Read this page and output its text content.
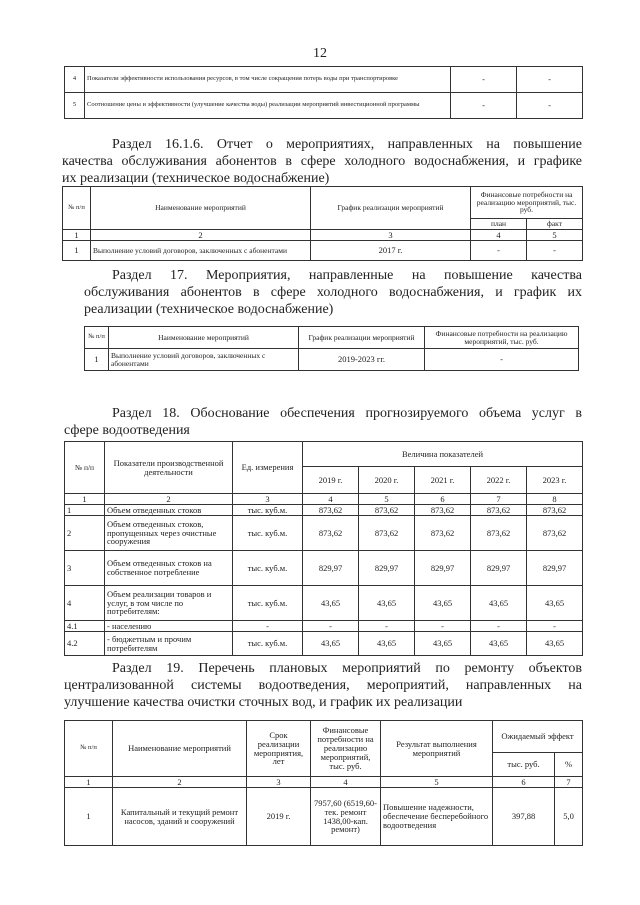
12
4	Показатели эффективности использования ресурсов, в том числе сокращения потерь воды при транспортировке	-	-
5	Соотношение цены и эффективности (улучшение качества воды) реализации мероприятий инвестиционной программы	-	-
Раздел 16.1.6. Отчет о мероприятиях, направленных на повышение
качества обслуживания абонентов в сфере холодного водоснабжения, и графике
их реализации (техническое водоснабжение)
№ п/п	Наименование мероприятий	График реализации мероприятий	Финансовые потребности на реализацию мероприятий, тыс. руб.	
			план	факт
1	2	3	4	5
1	Выполнение условий договоров, заключенных с абонентами	2017 г.	-	-
Раздел 17. Мероприятия, направленные на повышение качества
обслуживания абонентов в сфере холодного водоснабжения, и график их
реализации (техническое водоснабжение)
№ п/п	Наименование мероприятий	График реализации мероприятий	Финансовые потребности на реализацию мероприятий, тыс. руб.
1	Выполнение условий договоров, заключенных с абонентами	2019-2023 гг.	-
Раздел 18. Обоснование обеспечения прогнозируемого объема услуг в
сфере водоотведения
№ п/п	Показатели производственной деятельности	Ед. измерения	Величина показателей				
			2019 г.	2020 г.	2021 г.	2022 г.	2023 г.
1	2	3	4	5	6	7	8
1	Объем отведенных стоков	тыс. куб.м.	873,62	873,62	873,62	873,62	873,62
2	Объем отведенных стоков, пропущенных через очистные сооружения	тыс. куб.м.	873,62	873,62	873,62	873,62	873,62
3	Объем отведенных стоков на собственное потребление	тыс. куб.м.	829,97	829,97	829,97	829,97	829,97
4	Объем реализации товаров и услуг, в том числе по потребителям:	тыс. куб.м.	43,65	43,65	43,65	43,65	43,65
4.1	- населению	-	-	-	-	-	-
4.2	- бюджетным и прочим потребителям	тыс. куб.м.	43,65	43,65	43,65	43,65	43,65
Раздел 19. Перечень плановых мероприятий по ремонту объектов
централизованной системы водоотведения, мероприятий, направленных на
улучшение качества очистки сточных вод, и график их реализации
№ п/п	Наименование мероприятий	Срок реализации мероприятия, лет	Финансовые потребности на реализацию мероприятий, тыс. руб.	Результат выполнения мероприятий	Ожидаемый эффект	
					тыс. руб.	%
1	2	3	4	5	6	7
1	Капитальный и текущий ремонт насосов, зданий и сооружений	2019 г.	7957,60 (6519,60-тек. ремонт 1438,00-кап. ремонт)	Повышение надежности, обеспечение бесперебойного водоотведения	397,88	5,0
